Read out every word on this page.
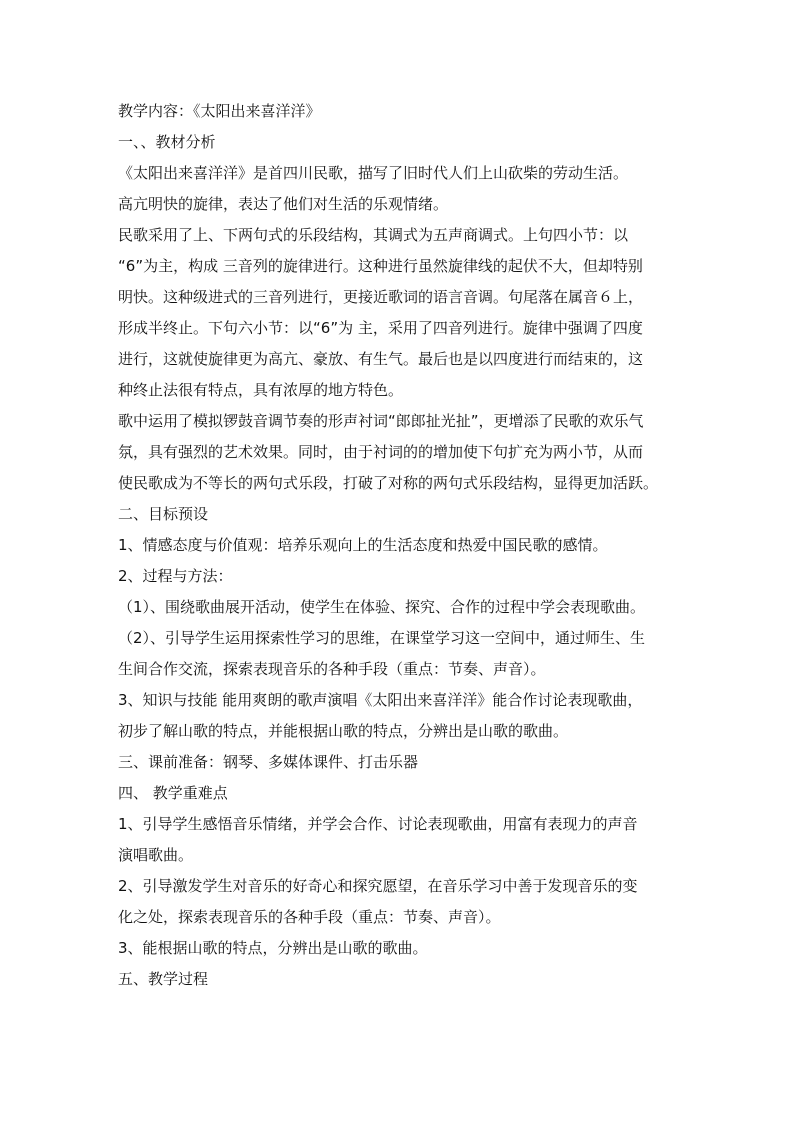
教学内容：《太阳出来喜洋洋》
一、、教材分析
《太阳出来喜洋洋》是首四川民歌，描写了旧时代人们上山砍柴的劳动生活。
高亢明快的旋律，表达了他们对生活的乐观情绪。
民歌采用了上、下两句式的乐段结构，其调式为五声商调式。上句四小节：以
“6”为主，构成 三音列的旋律进行。这种进行虽然旋律线的起伏不大，但却特别
明快。这种级进式的三音列进行，更接近歌词的语言音调。句尾落在属音６上，
形成半终止。下句六小节：以“6”为 主，采用了四音列进行。旋律中强调了四度
进行，这就使旋律更为高亢、豪放、有生气。最后也是以四度进行而结束的，这
种终止法很有特点，具有浓厚的地方特色。
歌中运用了模拟锣鼓音调节奏的形声衬词“郎郎扯光扯”，更增添了民歌的欢乐气
氛，具有强烈的艺术效果。同时，由于衬词的的增加使下句扩充为两小节，从而
使民歌成为不等长的两句式乐段，打破了对称的两句式乐段结构，显得更加活跃。
二、目标预设
1、情感态度与价值观：培养乐观向上的生活态度和热爱中国民歌的感情。
2、过程与方法：
（1）、围绕歌曲展开活动，使学生在体验、探究、合作的过程中学会表现歌曲。
（2）、引导学生运用探索性学习的思维，在课堂学习这一空间中，通过师生、生
生间合作交流，探索表现音乐的各种手段（重点：节奏、声音）。
3、知识与技能 能用爽朗的歌声演唱《太阳出来喜洋洋》能合作讨论表现歌曲，
初步了解山歌的特点，并能根据山歌的特点，分辨出是山歌的歌曲。
三、课前准备：钢琴、多媒体课件、打击乐器
四、 教学重难点
1、引导学生感悟音乐情绪，并学会合作、讨论表现歌曲，用富有表现力的声音
演唱歌曲。
2、引导激发学生对音乐的好奇心和探究愿望，在音乐学习中善于发现音乐的变
化之处，探索表现音乐的各种手段（重点：节奏、声音）。
3、能根据山歌的特点，分辨出是山歌的歌曲。
五、教学过程
